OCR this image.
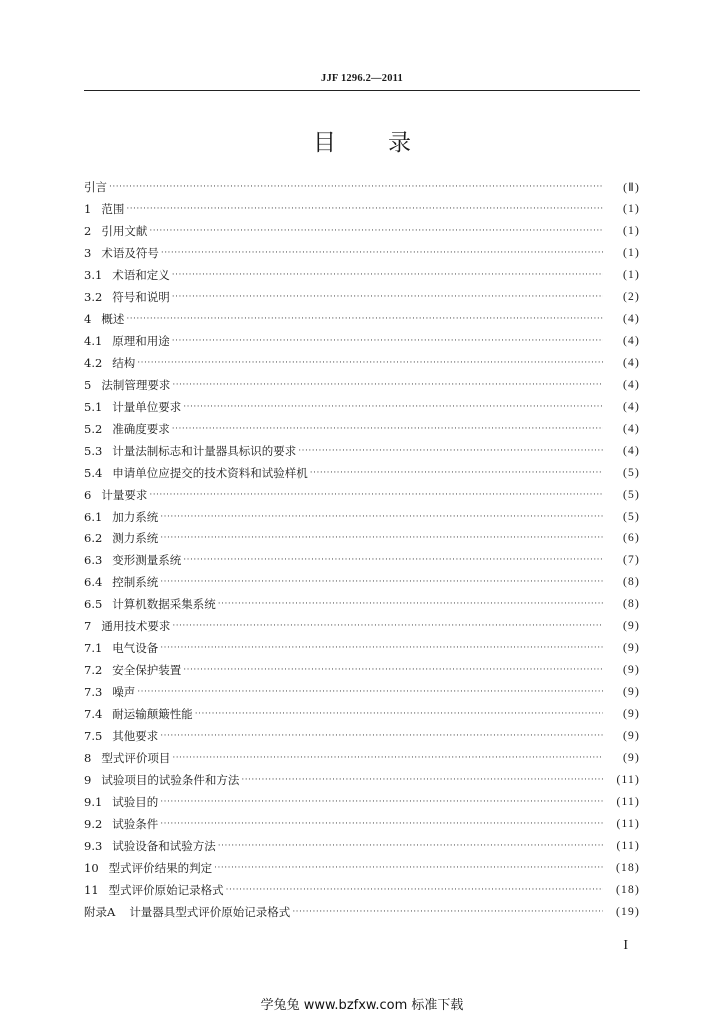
JJF 1296.2—2011
目 录
引言 ·····	(Ⅱ)
1 范围 ·····	(1)
2 引用文献 ·····	(1)
3 术语及符号 ·····	(1)
3.1 术语和定义 ·····	(1)
3.2 符号和说明 ·····	(2)
4 概述 ·····	(4)
4.1 原理和用途 ·····	(4)
4.2 结构 ·····	(4)
5 法制管理要求 ·····	(4)
5.1 计量单位要求 ·····	(4)
5.2 准确度要求 ·····	(4)
5.3 计量法制标志和计量器具标识的要求 ·····	(4)
5.4 申请单位应提交的技术资料和试验样机 ·····	(5)
6 计量要求 ·····	(5)
6.1 加力系统 ·····	(5)
6.2 测力系统 ·····	(6)
6.3 变形测量系统 ·····	(7)
6.4 控制系统 ·····	(8)
6.5 计算机数据采集系统 ·····	(8)
7 通用技术要求 ·····	(9)
7.1 电气设备 ·····	(9)
7.2 安全保护装置 ·····	(9)
7.3 噪声 ·····	(9)
7.4 耐运输颠簸性能 ·····	(9)
7.5 其他要求 ·····	(9)
8 型式评价项目 ·····	(9)
9 试验项目的试验条件和方法 ·····	(11)
9.1 试验目的 ·····	(11)
9.2 试验条件 ·····	(11)
9.3 试验设备和试验方法 ·····	(11)
10 型式评价结果的判定 ·····	(18)
11 型式评价原始记录格式 ·····	(18)
附录A 计量器具型式评价原始记录格式 ·····	(19)
I
学兔兔 www.bzfxw.com 标准下载
